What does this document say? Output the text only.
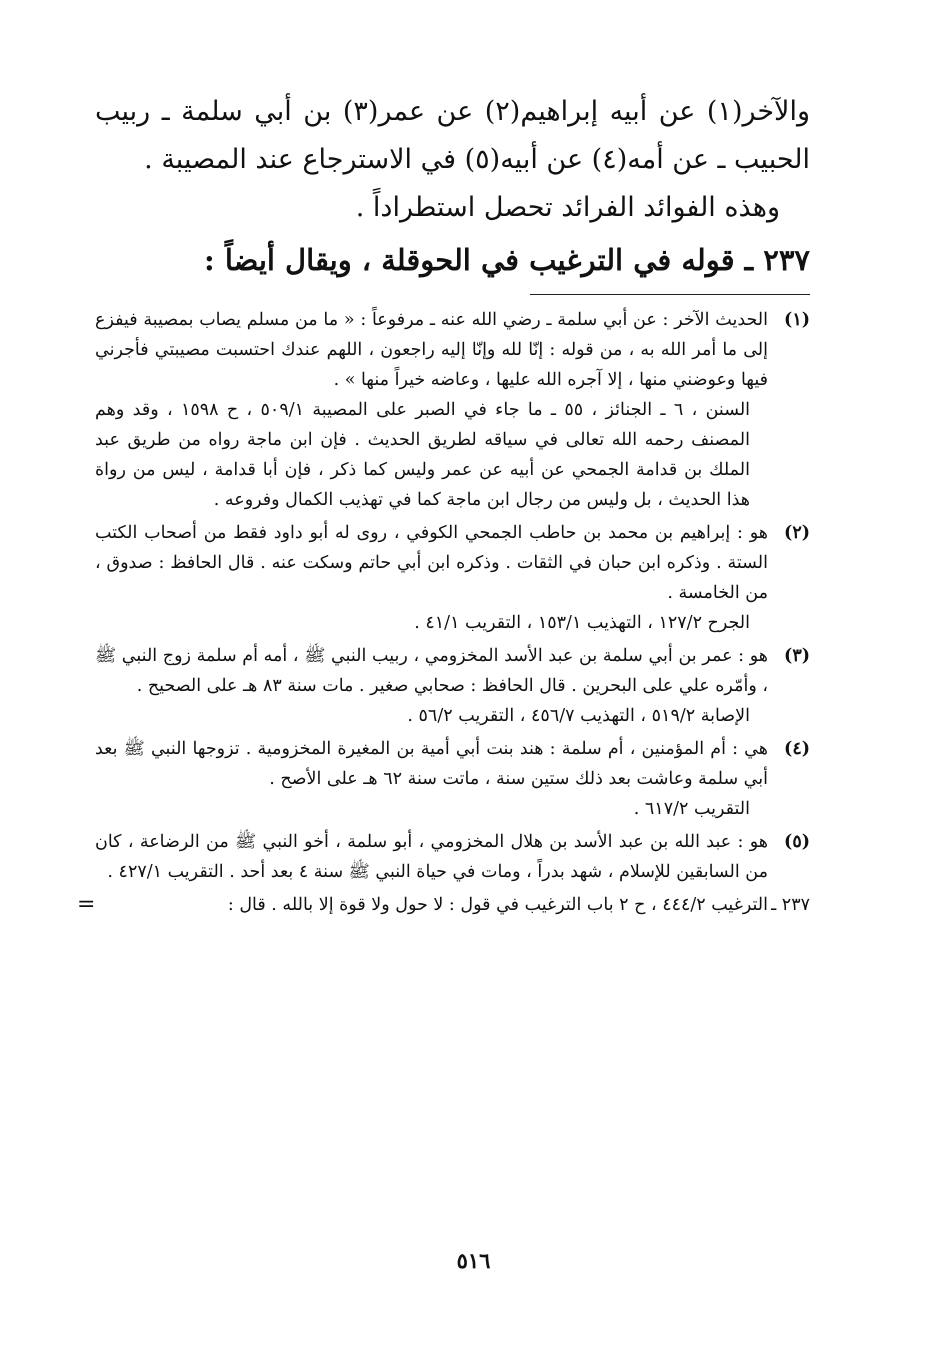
والآخر(١) عن أبيه إبراهيم(٢) عن عمر(٣) بن أبي سلمة ـ ربيب الحبيب ـ عن أمه(٤) عن أبيه(٥) في الاسترجاع عند المصيبة .

وهذه الفوائد الفرائد تحصل استطراداً .

٢٣٧ ـ قوله في الترغيب في الحوقلة ، ويقال أيضاً :

(١)

الحديث الآخر : عن أبي سلمة ـ رضي الله عنه ـ مرفوعاً : « ما من مسلم يصاب بمصيبة فيفزع إلى ما أمر الله به ، من قوله : إنّا لله وإنّا إليه راجعون ، اللهم عندك احتسبت مصيبتي فأجرني فيها وعوضني منها ، إلا آجره الله عليها ، وعاضه خيراً منها » .

السنن ، ٦ ـ الجنائز ، ٥٥ ـ ما جاء في الصبر على المصيبة ٥٠٩/١ ، ح ١٥٩٨ ، وقد وهم المصنف رحمه الله تعالى في سياقه لطريق الحديث . فإن ابن ماجة رواه من طريق عبد الملك بن قدامة الجمحي عن أبيه عن عمر وليس كما ذكر ، فإن أبا قدامة ، ليس من رواة هذا الحديث ، بل وليس من رجال ابن ماجة كما في تهذيب الكمال وفروعه .

(٢)

هو : إبراهيم بن محمد بن حاطب الجمحي الكوفي ، روى له أبو داود فقط من أصحاب الكتب الستة . وذكره ابن حبان في الثقات . وذكره ابن أبي حاتم وسكت عنه . قال الحافظ : صدوق ، من الخامسة .

الجرح ١٢٧/٢ ، التهذيب ١٥٣/١ ، التقريب ٤١/١ .

(٣)

هو : عمر بن أبي سلمة بن عبد الأسد المخزومي ، ربيب النبي ﷺ ، أمه أم سلمة زوج النبي ﷺ ، وأمّره علي على البحرين . قال الحافظ : صحابي صغير . مات سنة ٨٣ هـ على الصحيح .

الإصابة ٥١٩/٢ ، التهذيب ٤٥٦/٧ ، التقريب ٥٦/٢ .

(٤)

هي : أم المؤمنين ، أم سلمة : هند بنت أبي أمية بن المغيرة المخزومية . تزوجها النبي ﷺ بعد أبي سلمة وعاشت بعد ذلك ستين سنة ، ماتت سنة ٦٢ هـ على الأصح .

التقريب ٦١٧/٢ .

(٥)

هو : عبد الله بن عبد الأسد بن هلال المخزومي ، أبو سلمة ، أخو النبي ﷺ من الرضاعة ، كان من السابقين للإسلام ، شهد بدراً ، ومات في حياة النبي ﷺ سنة ٤ بعد أحد . التقريب ٤٢٧/١ .

٢٣٧ ـ

الترغيب ٤٤٤/٢ ، ح ٢ باب الترغيب في قول : لا حول ولا قوة إلا بالله . قال :

=
٥١٦
